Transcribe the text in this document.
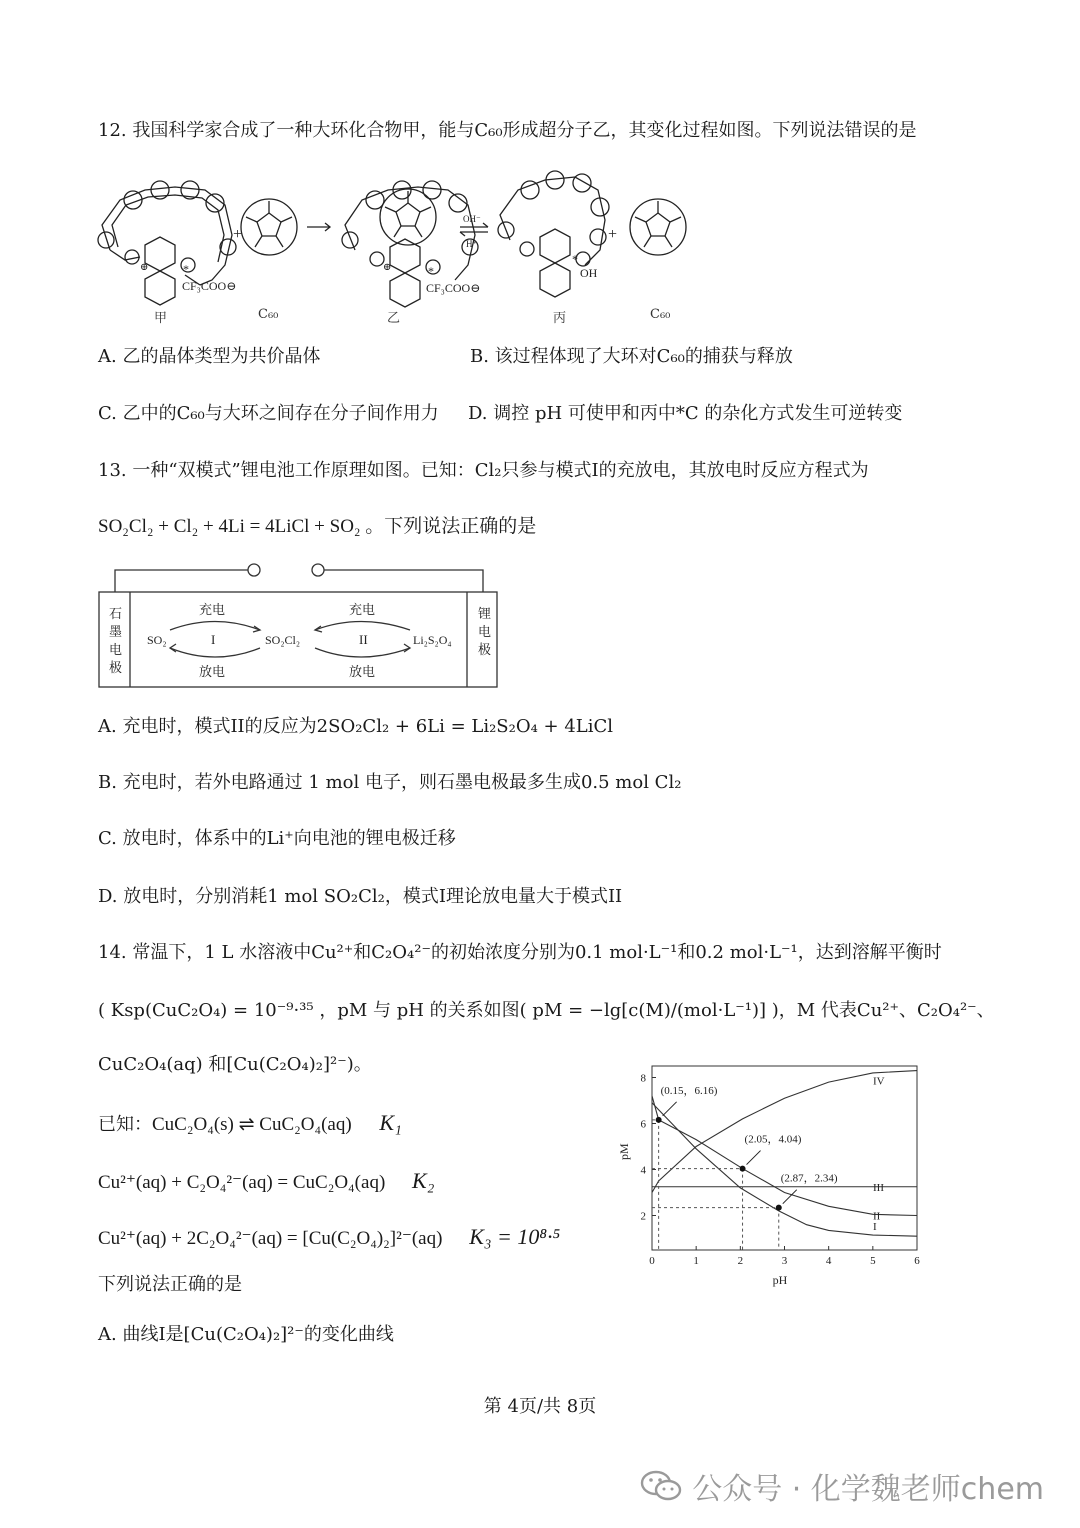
12. 我国科学家合成了一种大环化合物甲，能与C₆₀形成超分子乙，其变化过程如图。下列说法错误的是
*
CF₃COO⊖
⊕
+
*
CF₃COO⊖
⊕
OH⁻
H⁺
*
OH
+
甲	C₆₀	乙	丙	C₆₀
A. 乙的晶体类型为共价晶体	B. 该过程体现了大环对C₆₀的捕获与释放
C. 乙中的C₆₀与大环之间存在分子间作用力 D. 调控 pH 可使甲和丙中*C 的杂化方式发生可逆转变
13. 一种“双模式”锂电池工作原理如图。已知：Cl₂只参与模式I的充放电，其放电时反应方程式为
SO₂Cl₂ + Cl₂ + 4Li = 4LiCl + SO₂ 。下列说法正确的是
石
墨
电
极
锂
电
极
充电	充电
放电	放电
I	II
SO₂	SO₂Cl₂	Li₂S₂O₄
A. 充电时，模式II的反应为2SO₂Cl₂ + 6Li = Li₂S₂O₄ + 4LiCl
B. 充电时，若外电路通过 1 mol 电子，则石墨电极最多生成0.5 mol Cl₂
C. 放电时，体系中的Li⁺向电池的锂电极迁移
D. 放电时，分别消耗1 mol SO₂Cl₂，模式I理论放电量大于模式II
14. 常温下，1 L 水溶液中Cu²⁺和C₂O₄²⁻的初始浓度分别为0.1 mol·L⁻¹和0.2 mol·L⁻¹，达到溶解平衡时
( Ksp(CuC₂O₄) = 10⁻⁹·³⁵ ，pM 与 pH 的关系如图( pM = −lg[c(M)/(mol·L⁻¹)] )，M 代表Cu²⁺、C₂O₄²⁻、
CuC₂O₄(aq) 和[Cu(C₂O₄)₂]²⁻)。
已知：CuC₂O₄(s) ⇌ CuC₂O₄(aq) K₁
Cu²⁺(aq) + C₂O₄²⁻(aq) = CuC₂O₄(aq) K₂
Cu²⁺(aq) + 2C₂O₄²⁻(aq) = [Cu(C₂O₄)₂]²⁻(aq) K₃ = 10⁸·⁵
下列说法正确的是
A. 曲线I是[Cu(C₂O₄)₂]²⁻的变化曲线
0	1	2	3	4	5	6
2
4
6
8
I
II
III
IV
(0.15，6.16)
(2.05，4.04)
(2.87，2.34)
pH
pM
第 4页/共 8页
公众号 · 化学魏老师chem
